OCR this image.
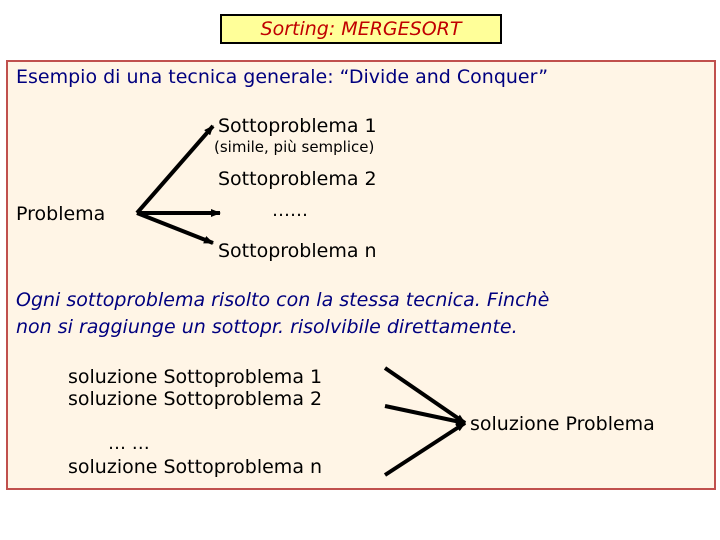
Sorting: MERGESORT
Esempio di una tecnica generale: “Divide and Conquer”
Sottoproblema 1
(simile, più semplice)
Sottoproblema 2
……
Sottoproblema n
Problema
Ogni sottoproblema risolto con la stessa tecnica. Finchè
non si raggiunge un sottopr. risolvibile direttamente.
soluzione Sottoproblema 1
soluzione Sottoproblema 2
… …
soluzione Sottoproblema n
soluzione Problema
